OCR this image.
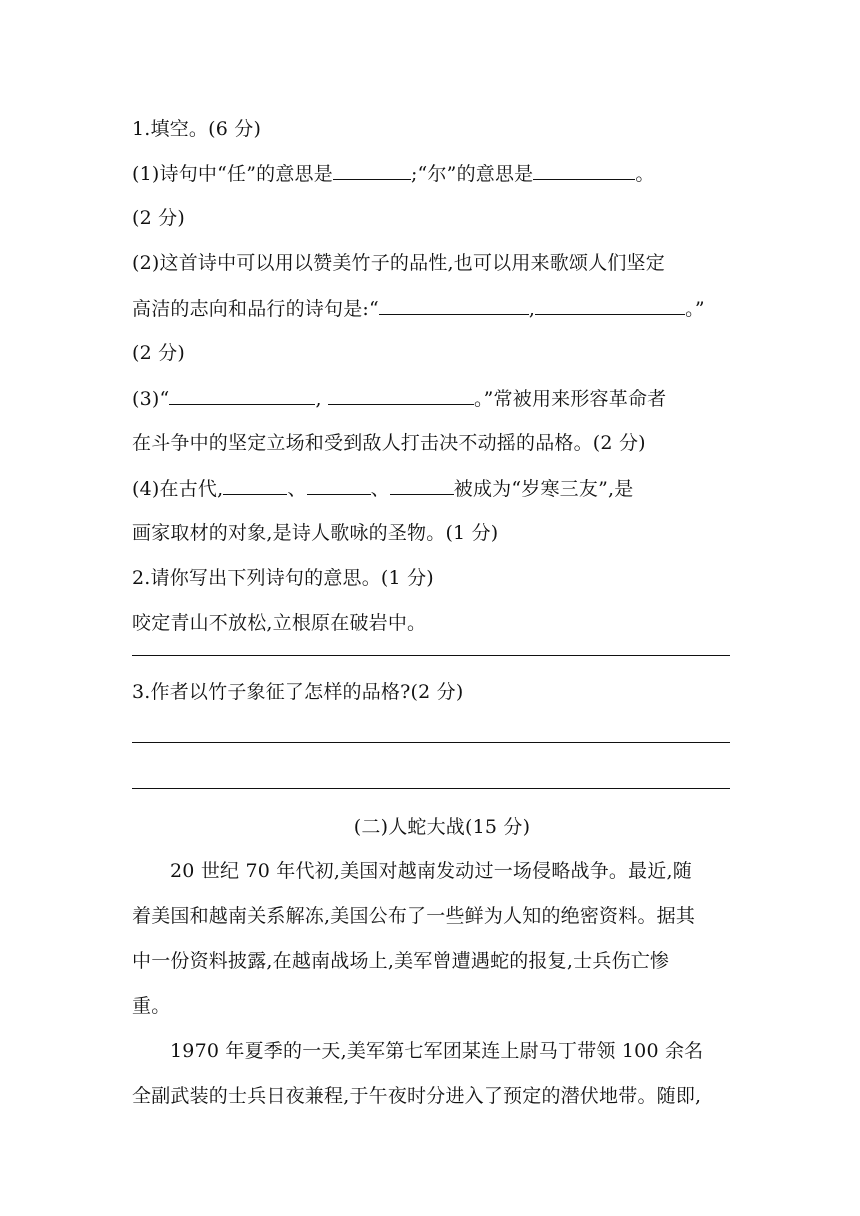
1.填空。(6 分)
(1)诗句中“任”的意思是	;“尔”的意思是	。
(2 分)
(2)这首诗中可以用以赞美竹子的品性,也可以用来歌颂人们坚定
高洁的志向和品行的诗句是:“	,	。”
(2 分)
(3)“	,	。”常被用来形容革命者
在斗争中的坚定立场和受到敌人打击决不动摇的品格。(2 分)
(4)在古代,	、	、	被成为“岁寒三友”,是
画家取材的对象,是诗人歌咏的圣物。(1 分)
2.请你写出下列诗句的意思。(1 分)
咬定青山不放松,立根原在破岩中。
3.作者以竹子象征了怎样的品格?(2 分)
(二)人蛇大战(15 分)
20 世纪 70 年代初,美国对越南发动过一场侵略战争。最近,随
着美国和越南关系解冻,美国公布了一些鲜为人知的绝密资料。据其
中一份资料披露,在越南战场上,美军曾遭遇蛇的报复,士兵伤亡惨
重。
1970 年夏季的一天,美军第七军团某连上尉马丁带领 100 余名
全副武装的士兵日夜兼程,于午夜时分进入了预定的潜伏地带。随即,
